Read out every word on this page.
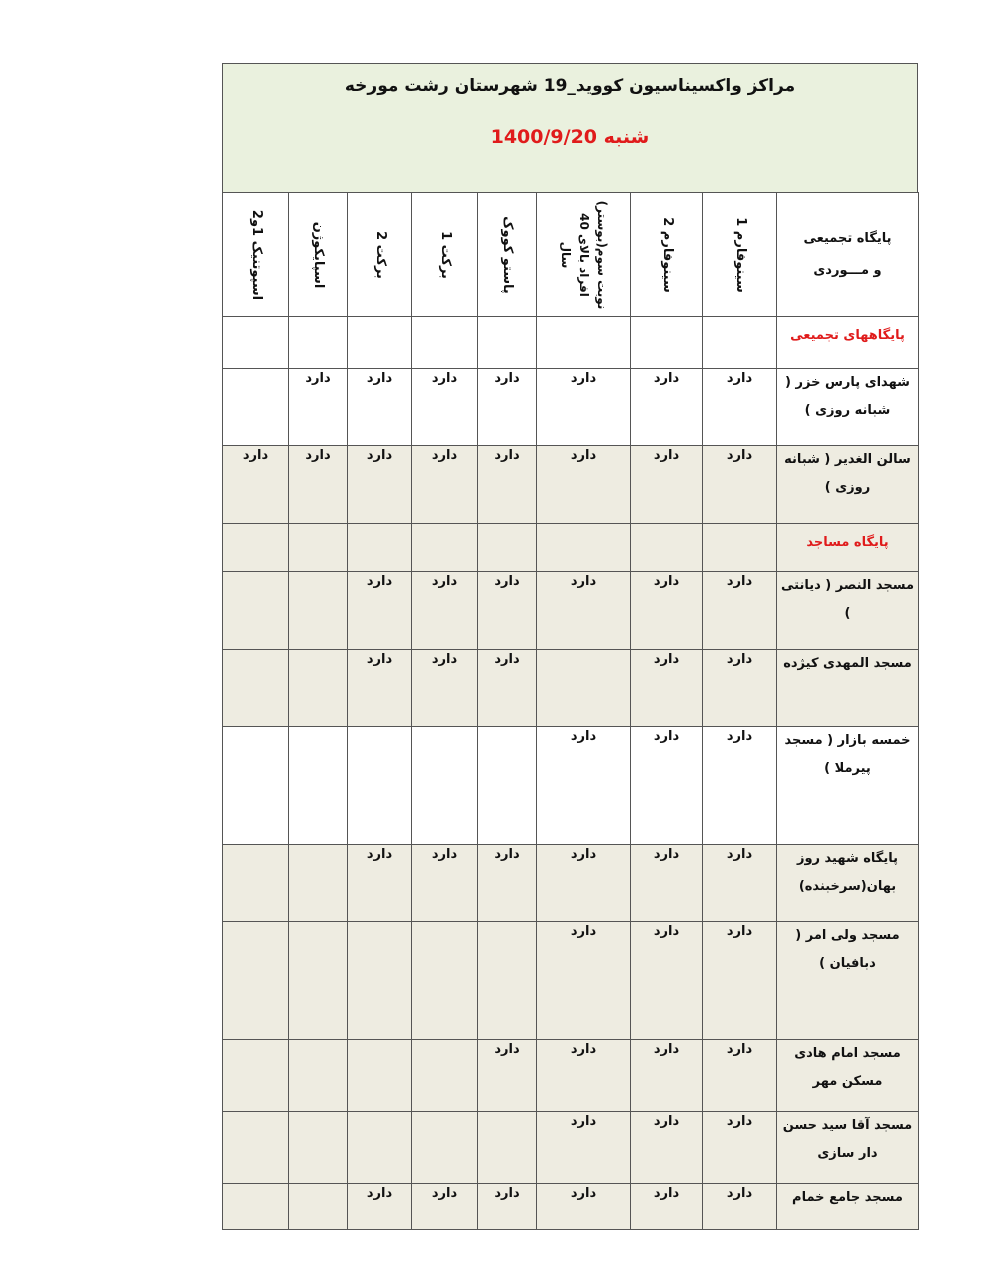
مراکز واکسیناسیون کووید_19 شهرستان رشت مورخه
شنبه 1400/9/20
اسپوتنیک 1و2	اسپایکوژن	برکت 2	برکت 1	پاستو کووک	نوبت سوم(بوستر) افراد بالای 40 سال	سینوفارم 2	سینوفارم 1	پایگاه تجمیعی
و مـــوردی

								پایگاههای تجمیعی
	دارد	دارد	دارد	دارد	دارد	دارد	دارد	شهدای پارس خزر ( شبانه روزی )
دارد	دارد	دارد	دارد	دارد	دارد	دارد	دارد	سالن الغدیر ( شبانه روزی )
								پایگاه مساجد
		دارد	دارد	دارد	دارد	دارد	دارد	مسجد النصر ( دیانتی )
		دارد	دارد	دارد		دارد	دارد	مسجد المهدی کیژده
					دارد	دارد	دارد	خمسه بازار ( مسجد پیرملا )
		دارد	دارد	دارد	دارد	دارد	دارد	پایگاه شهید روز بهان(سرخبنده)
					دارد	دارد	دارد	مسجد ولی امر ( دبافیان )
				دارد	دارد	دارد	دارد	مسجد امام هادی مسکن مهر
					دارد	دارد	دارد	مسجد آقا سید حسن دار سازی
		دارد	دارد	دارد	دارد	دارد	دارد	مسجد جامع خمام
